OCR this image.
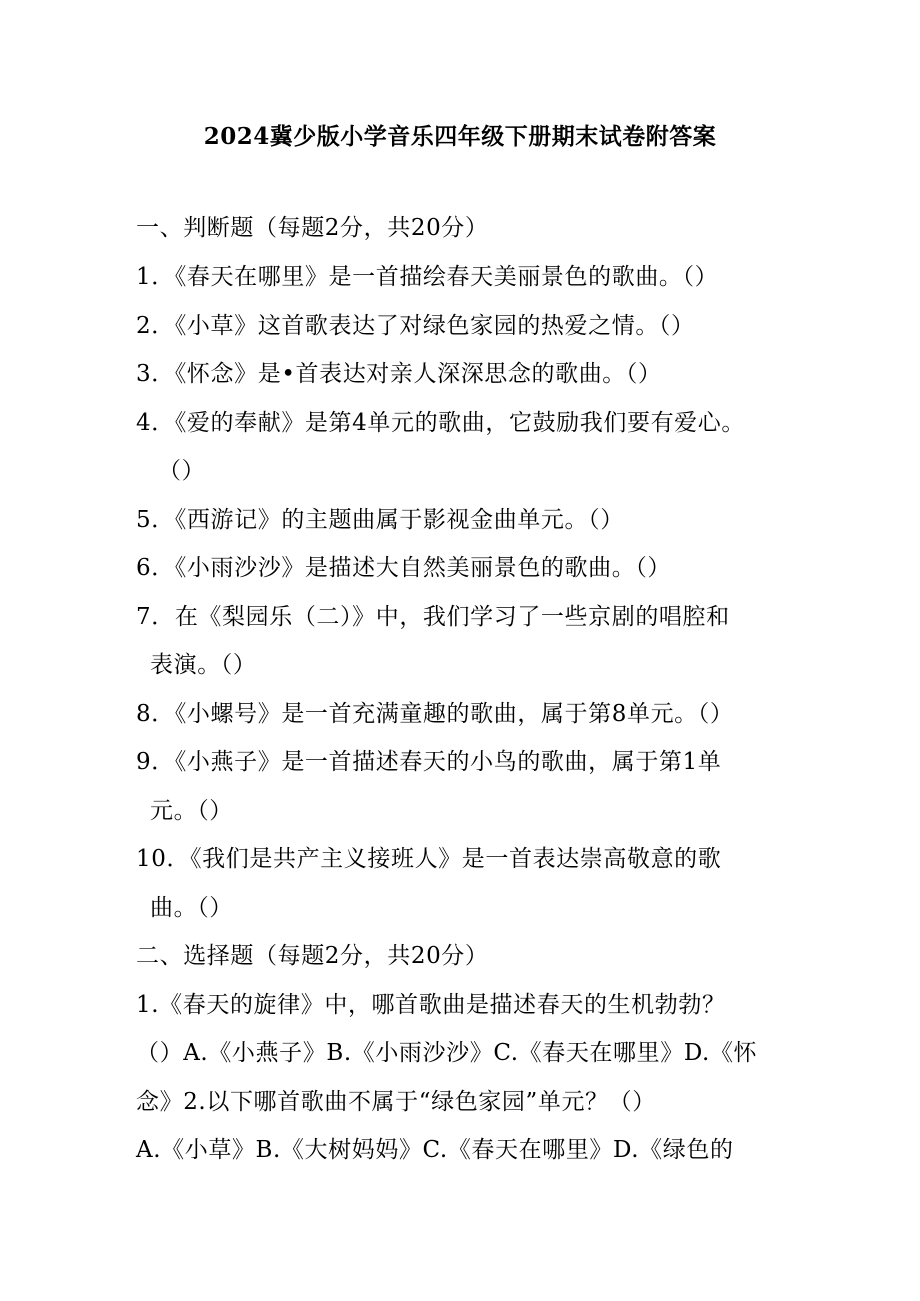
2024冀少版小学音乐四年级下册期末试卷附答案
一、判断题（每题2分，共20分）
1．《春天在哪里》是一首描绘春天美丽景色的歌曲。（）
2．《小草》这首歌表达了对绿色家园的热爱之情。（）
3．《怀念》是•首表达对亲人深深思念的歌曲。（）
4．《爱的奉献》是第4单元的歌曲，它鼓励我们要有爱心。
（）
5．《西游记》的主题曲属于影视金曲单元。（）
6．《小雨沙沙》是描述大自然美丽景色的歌曲。（）
7．在《梨园乐（二）》中，我们学习了一些京剧的唱腔和
表演。（）
8．《小螺号》是一首充满童趣的歌曲，属于第8单元。（）
9．《小燕子》是一首描述春天的小鸟的歌曲，属于第1单
元。（）
10．《我们是共产主义接班人》是一首表达崇高敬意的歌
曲。（）
二、选择题（每题2分，共20分）
1.《春天的旋律》中，哪首歌曲是描述春天的生机勃勃？
（）A.《小燕子》B.《小雨沙沙》C.《春天在哪里》D.《怀
念》2.以下哪首歌曲不属于“绿色家园”单元？（）
A.《小草》B.《大树妈妈》C.《春天在哪里》D.《绿色的
